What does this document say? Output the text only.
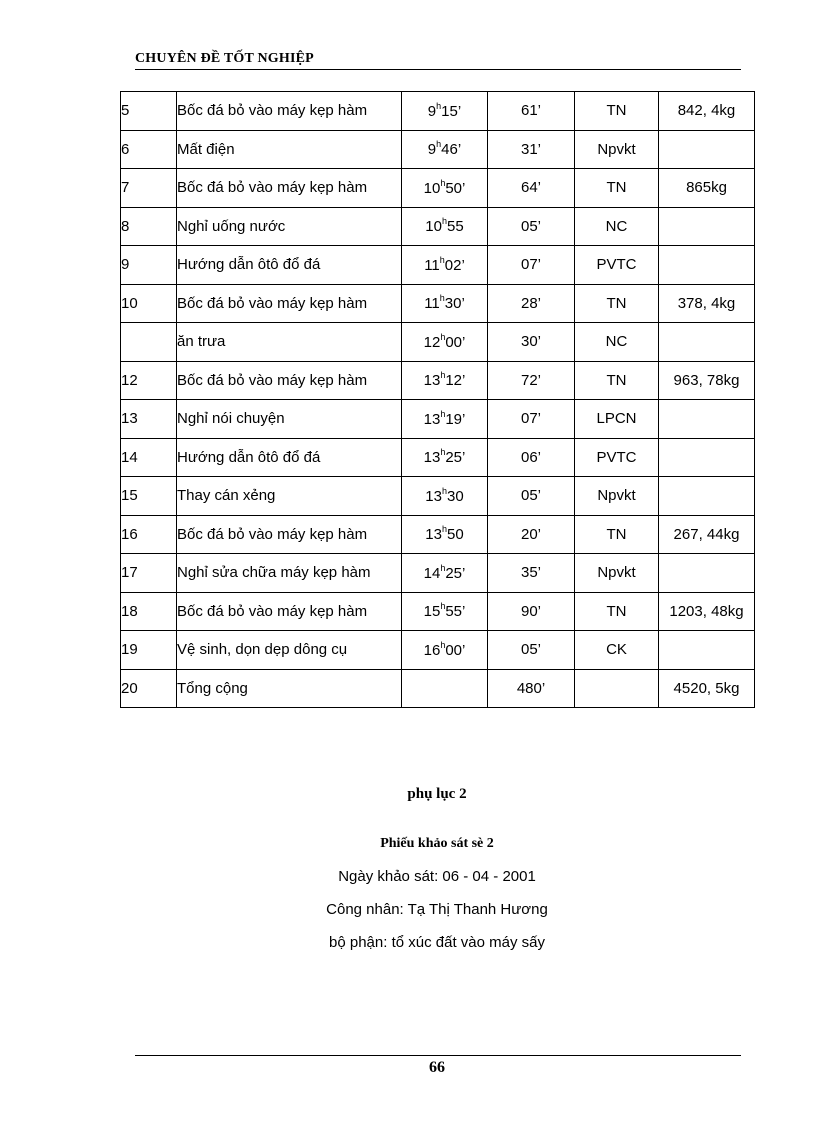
CHUYÊN ĐỀ TỐT NGHIỆP
5	Bốc đá bỏ vào máy kẹp hàm	9$^h$15’	61’	TN	842, 4kg
6	Mất điện	9$^h$46’	31’	Npvkt	
7	Bốc đá bỏ vào máy kẹp hàm	10$^h$50’	64’	TN	865kg
8	Nghỉ uống nước	10$^h$55	05’	NC	
9	Hướng dẫn ôtô đổ đá	11$^h$02’	07’	PVTC	
10	Bốc đá bỏ vào máy kẹp hàm	11$^h$30’	28’	TN	378, 4kg
	ăn trưa	12$^h$00’	30’	NC	
12	Bốc đá bỏ vào máy kẹp hàm	13$^h$12’	72’	TN	963, 78kg
13	Nghỉ nói chuyện	13$^h$19’	07’	LPCN	
14	Hướng dẫn ôtô đổ đá	13$^h$25’	06’	PVTC	
15	Thay cán xẻng	13$^h$30	05’	Npvkt	
16	Bốc đá bỏ vào máy kẹp hàm	13$^h$50	20’	TN	267, 44kg
17	Nghỉ sửa chữa máy kẹp hàm	14$^h$25’	35’	Npvkt	
18	Bốc đá bỏ vào máy kẹp hàm	15$^h$55’	90’	TN	1203, 48kg
19	Vệ sinh, dọn dẹp dông cụ	16$^h$00’	05’	CK	
20	Tổng cộng		480’		4520, 5kg
phụ lục 2
Phiếu khảo sát sè 2
Ngày khảo sát: 06 - 04 - 2001
Công nhân: Tạ Thị Thanh Hương
bộ phận: tổ xúc đất vào máy sấy
66
